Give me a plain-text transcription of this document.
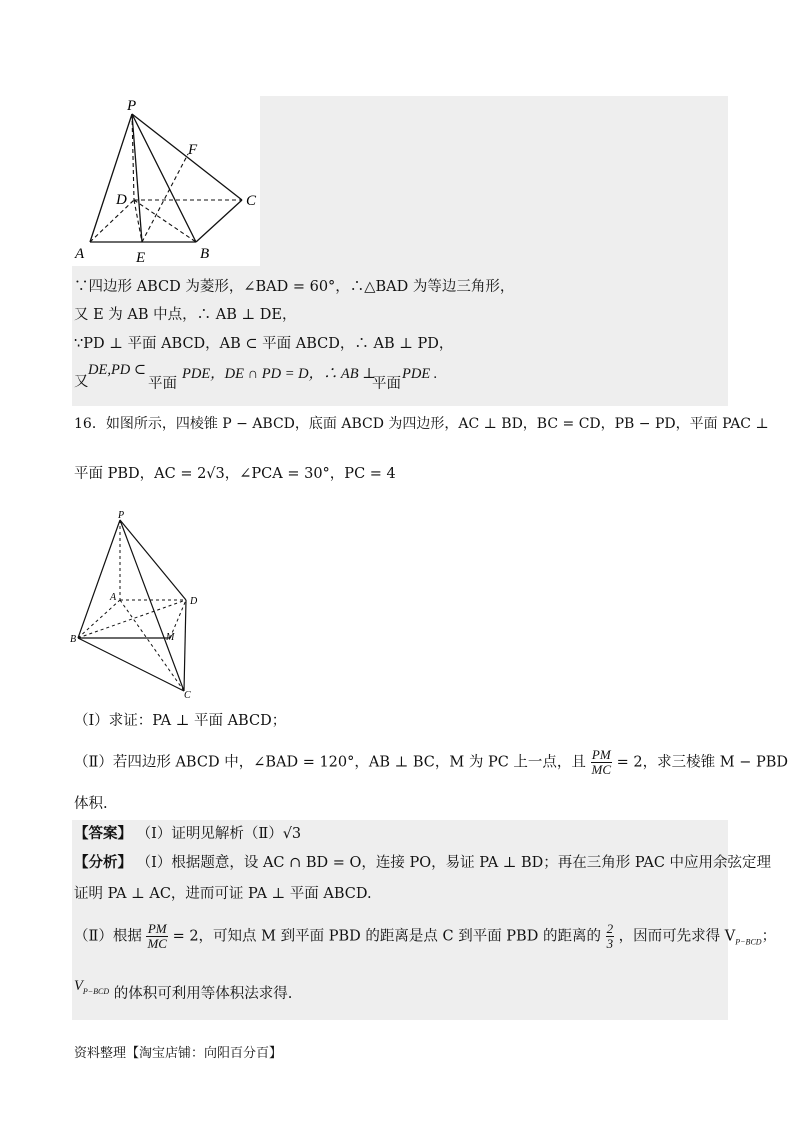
P
F
D	C
A	E	B
∵四边形 ABCD 为菱形，∠BAD = 60°，∴△BAD 为等边三角形，
又 E 为 AB 中点，∴ AB ⊥ DE，
∵PD ⊥ 平面 ABCD，AB ⊂ 平面 ABCD，∴ AB ⊥ PD，
DE,PD ⊂
又	平面
PDE，DE ∩ PD = D，∴ AB ⊥
平面
PDE .
16．如图所示，四棱锥 P − ABCD，底面 ABCD 为四边形，AC ⊥ BD，BC = CD，PB − PD，平面 PAC ⊥
平面 PBD，AC = 2√3，∠PCA = 30°，PC = 4
P
A	D
B	M
C
（Ⅰ）求证：PA ⊥ 平面 ABCD；
（Ⅱ）若四边形 ABCD 中，∠BAD = 120°，AB ⊥ BC，M 为 PC 上一点，且 $\frac{PM}{MC} = 2$，求三棱锥 M − PBD
体积.
【答案】 （Ⅰ）证明见解析（Ⅱ）√3
【分析】 （Ⅰ）根据题意，设 AC ∩ BD = O，连接 PO，易证 PA ⊥ BD；再在三角形 PAC 中应用余弦定理
证明 PA ⊥ AC，进而可证 PA ⊥ 平面 ABCD.
（Ⅱ）根据 $\frac{PM}{MC} = 2$，可知点 M 到平面 PBD 的距离是点 C 到平面 PBD 的距离的 $\frac{2}{3}$ ，因而可先求得 $V_{P-BCD}$；
$V_{P-BCD}$ 的体积可利用等体积法求得.
资料整理【淘宝店铺：向阳百分百】
